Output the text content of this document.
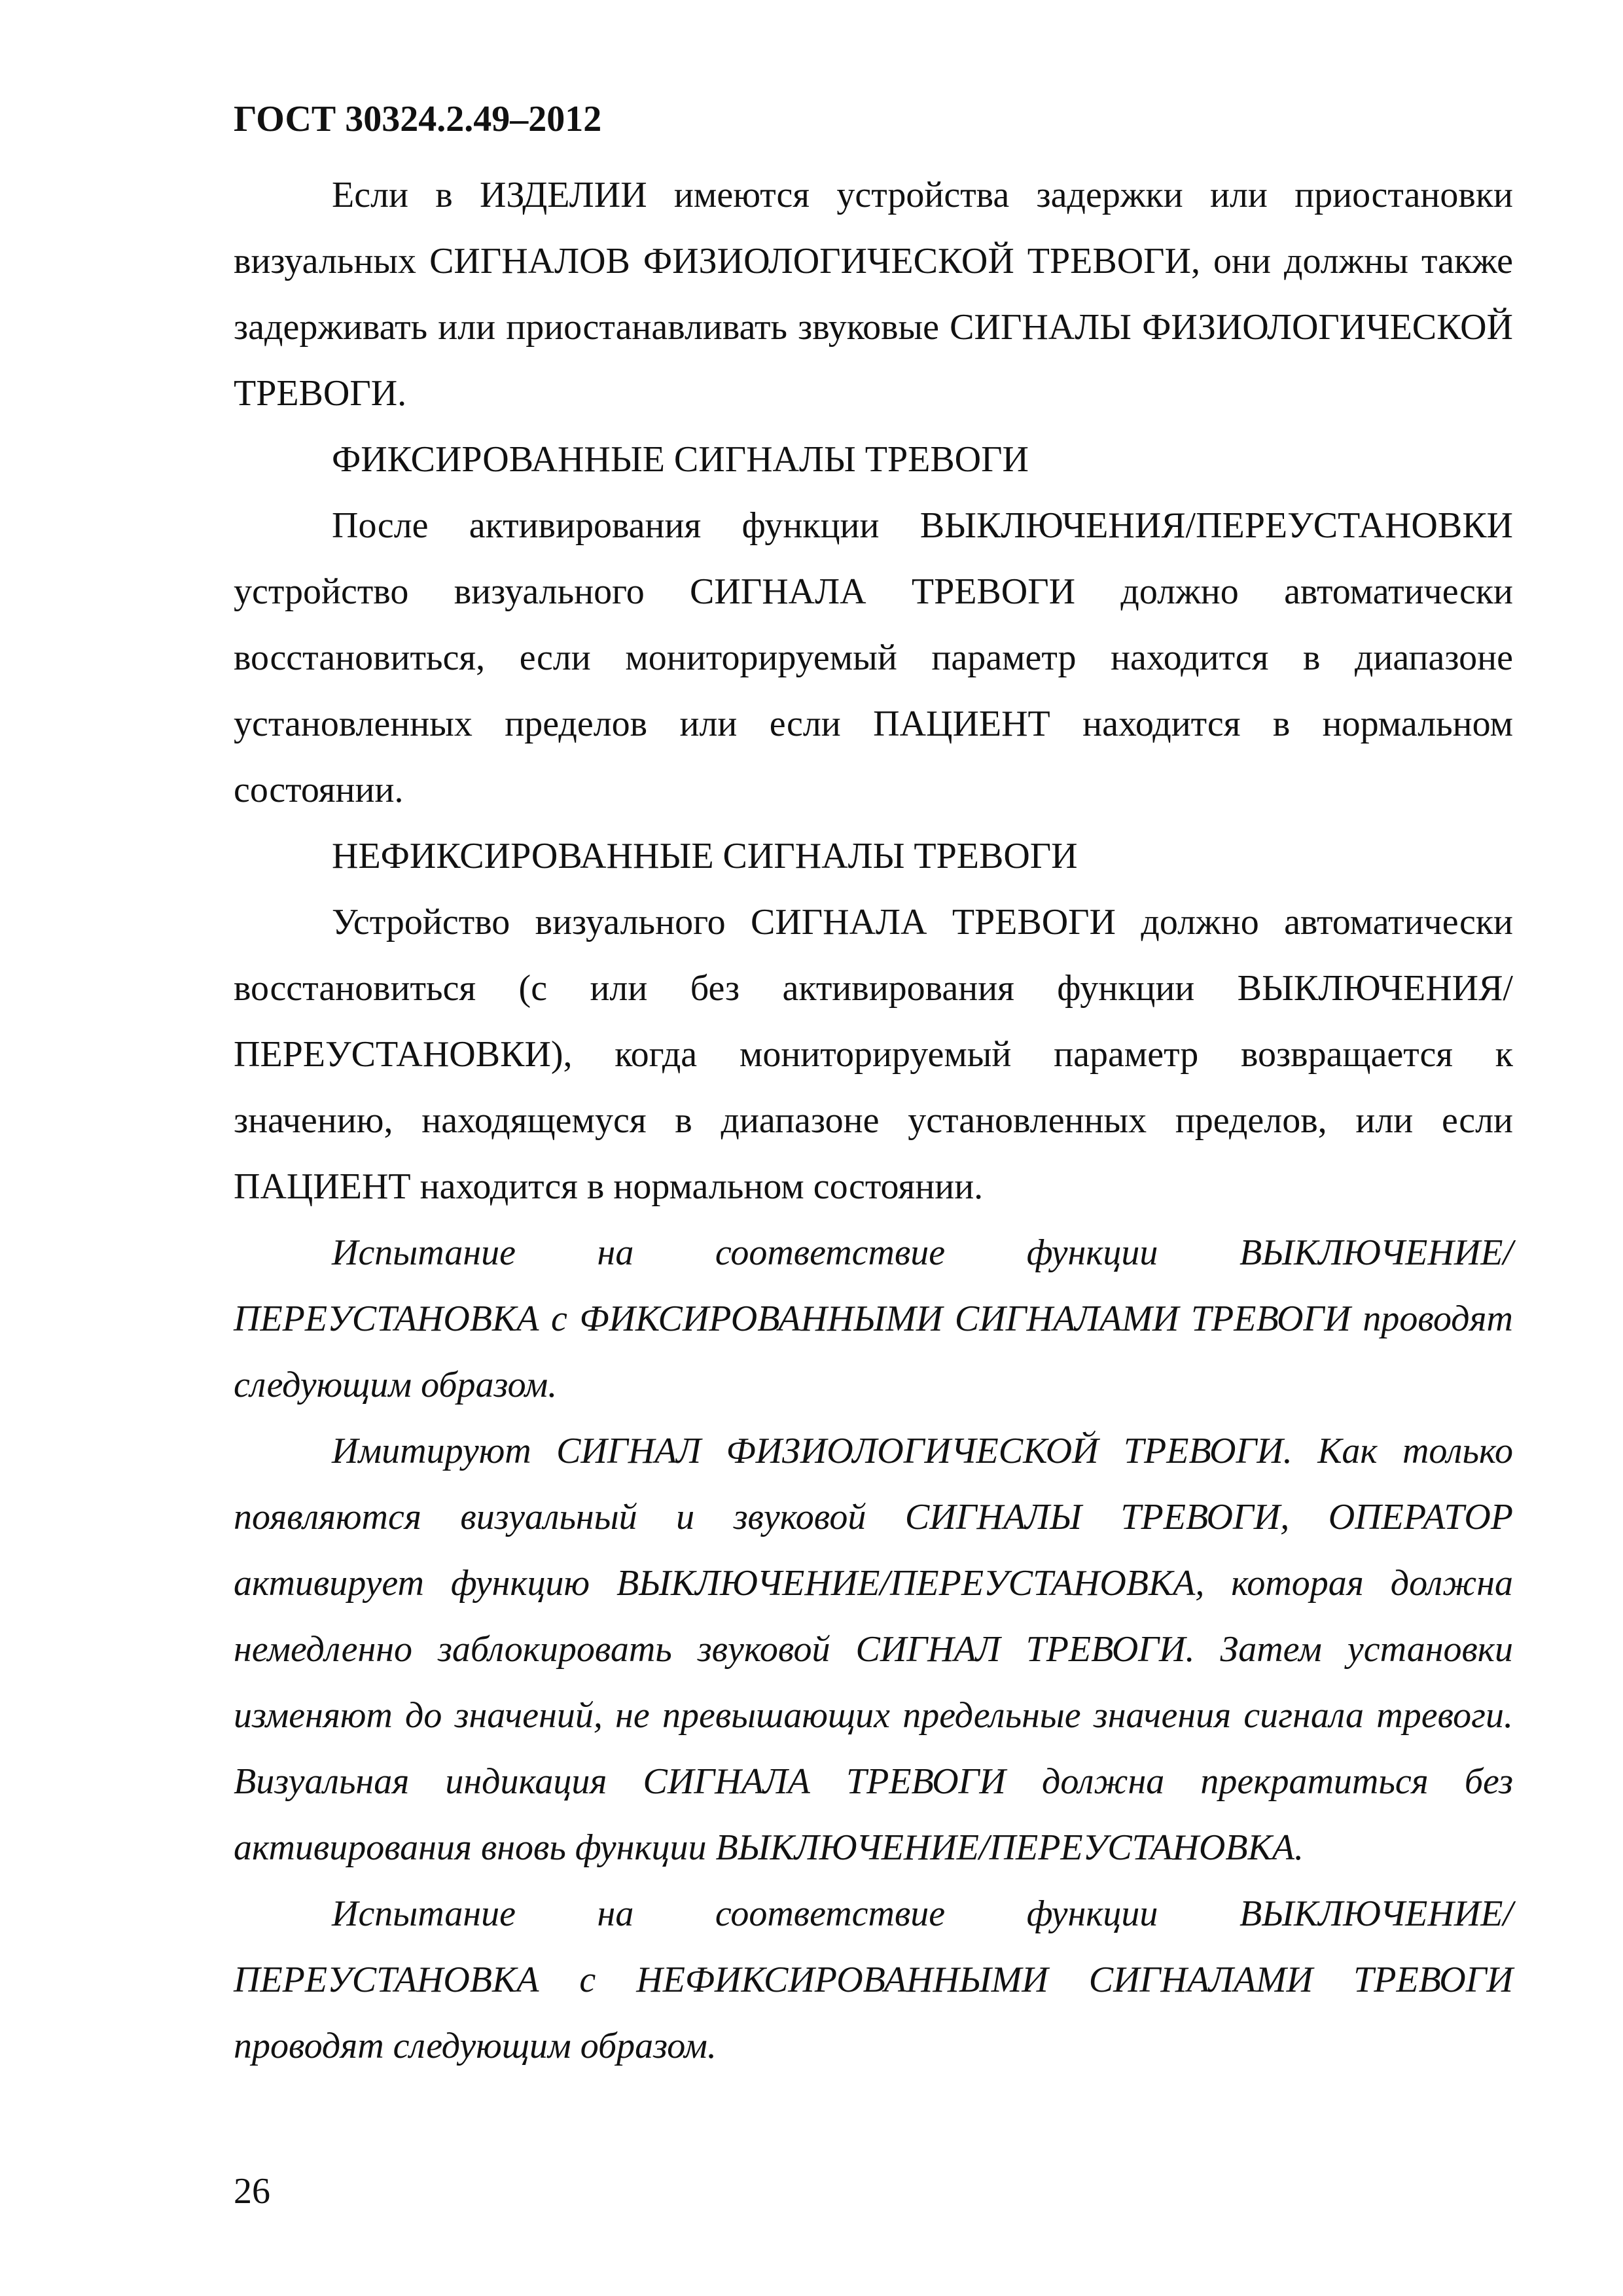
ГОСТ 30324.2.49–2012

Если в ИЗДЕЛИИ имеются устройства задержки или приостановки визуальных СИГНАЛОВ ФИЗИОЛОГИЧЕСКОЙ ТРЕВОГИ, они должны также задерживать или приостанавливать звуковые СИГНАЛЫ ФИЗИОЛОГИЧЕСКОЙ ТРЕВОГИ.

ФИКСИРОВАННЫЕ СИГНАЛЫ ТРЕВОГИ

После активирования функции ВЫКЛЮЧЕНИЯ/ПЕРЕУСТАНОВКИ устройство визуального СИГНАЛА ТРЕВОГИ должно автоматически восстановиться, если мониторируемый параметр находится в диапазоне установленных пределов или если ПАЦИЕНТ находится в нормальном состоянии.

НЕФИКСИРОВАННЫЕ СИГНАЛЫ ТРЕВОГИ

Устройство визуального СИГНАЛА ТРЕВОГИ должно автоматически восстановиться (с или без активирования функции ВЫКЛЮЧЕНИЯ/ПЕРЕУСТАНОВКИ), когда мониторируемый параметр возвращается к значению, находящемуся в диапазоне установленных пределов, или если ПАЦИЕНТ находится в нормальном состоянии.

Испытание на соответствие функции ВЫКЛЮЧЕНИЕ/ПЕРЕУСТАНОВКА с ФИКСИРОВАННЫМИ СИГНАЛАМИ ТРЕВОГИ проводят следующим образом.

Имитируют СИГНАЛ ФИЗИОЛОГИЧЕСКОЙ ТРЕВОГИ. Как только появляются визуальный и звуковой СИГНАЛЫ ТРЕВОГИ, ОПЕРАТОР активирует функцию ВЫКЛЮЧЕНИЕ/ПЕРЕУСТАНОВКА, которая должна немедленно заблокировать звуковой СИГНАЛ ТРЕВОГИ. Затем установки изменяют до значений, не превышающих предельные значения сигнала тревоги. Визуальная индикация СИГНАЛА ТРЕВОГИ должна прекратиться без активирования вновь функции ВЫКЛЮЧЕНИЕ/ПЕРЕУСТАНОВКА.

Испытание на соответствие функции ВЫКЛЮЧЕНИЕ/ПЕРЕУСТАНОВКА с НЕФИКСИРОВАННЫМИ СИГНАЛАМИ ТРЕВОГИ проводят следующим образом.

26
